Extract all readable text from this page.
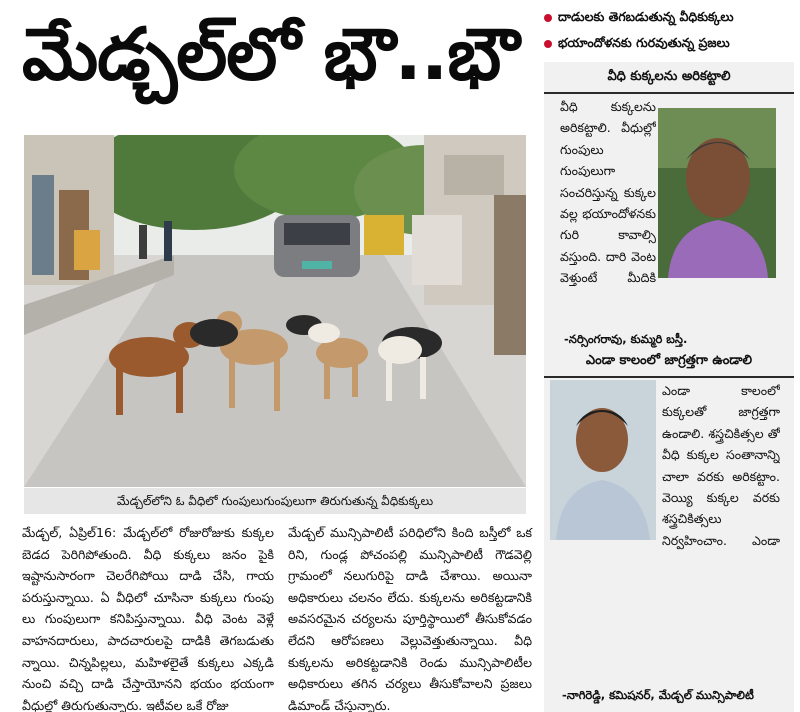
మేడ్చల్‌లో భౌ..భౌ	దాడులకు తెగబడుతున్న వీధికుక్కలు
భయాందోళనకు గురవుతున్న ప్రజలు
మేడ్చల్‌లోని ఓ వీధిలో గుంపులుగుంపులుగా తిరుగుతున్న వీధికుక్కలు
మేడ్చల్, ఏప్రిల్16: మేడ్చల్‌లో రోజురోజుకు కుక్కల బెడద పెరిగిపోతుంది. వీధి కుక్కలు జనం పైకి ఇష్టానుసారంగా చెలరేగిపోయి దాడి చేసి, గాయ పరుస్తున్నాయి. ఏ వీధిలో చూసినా కుక్కలు గుంపు లు గుంపులుగా కనిపిస్తున్నాయి. వీధి వెంట వెళ్లే వాహనదారులు, పాదచారులపై దాడికి తెగబడుతు న్నాయి. చిన్నపిల్లలు, మహిళలైతే కుక్కలు ఎక్కడి నుంచి వచ్చి దాడి చేస్తాయోనని భయం భయంగా వీధుల్లో తిరుగుతున్నారు. ఇటీవల ఒకే రోజు
మేడ్చల్ మున్సిపాలిటీ పరిధిలోని కింది బస్తీలో ఒక రిని, గుండ్ల పోచంపల్లి మున్సిపాలిటీ గౌడవెల్లి గ్రామంలో నలుగురిపై దాడి చేశాయి. అయినా అధికారులు చలనం లేదు. కుక్కలను అరికట్టడానికి అవసరమైన చర్యలను పూర్తిస్థాయిలో తీసుకోవడం లేదని ఆరోపణలు వెల్లువెత్తుతున్నాయి. వీధి కుక్కలను అరికట్టడానికి రెండు మున్సిపాలిటీల అధికారులు తగిన చర్యలు తీసుకోవాలని ప్రజలు డిమాండ్ చేస్తున్నారు.
వీధి కుక్కలను అరికట్టాలి
వీధి కుక్కలను అరికట్టాలి. వీధుల్లో గుంపులు గుంపులుగా సంచరిస్తున్న కుక్కల వల్ల భయాందోళనకు గురి కావాల్సి వస్తుంది. దారి వెంట వెళ్తుంటే మీదికి
-నర్సింగరావు, కుమ్మరి బస్తీ.
ఎండా కాలంలో జాగ్రత్తగా ఉండాలి
ఎండా కాలంలో కుక్కలతో జాగ్రత్తగా ఉండాలి. శస్త్రచికిత్సల తో వీధి కుక్కల సంతానాన్ని చాలా వరకు అరికట్టాం. వెయ్యి కుక్కల వరకు శస్త్రచికిత్సలు నిర్వహించాం. ఎండా
-నాగిరెడ్డి, కమిషనర్, మేడ్చల్ మున్సిపాలిటీ
